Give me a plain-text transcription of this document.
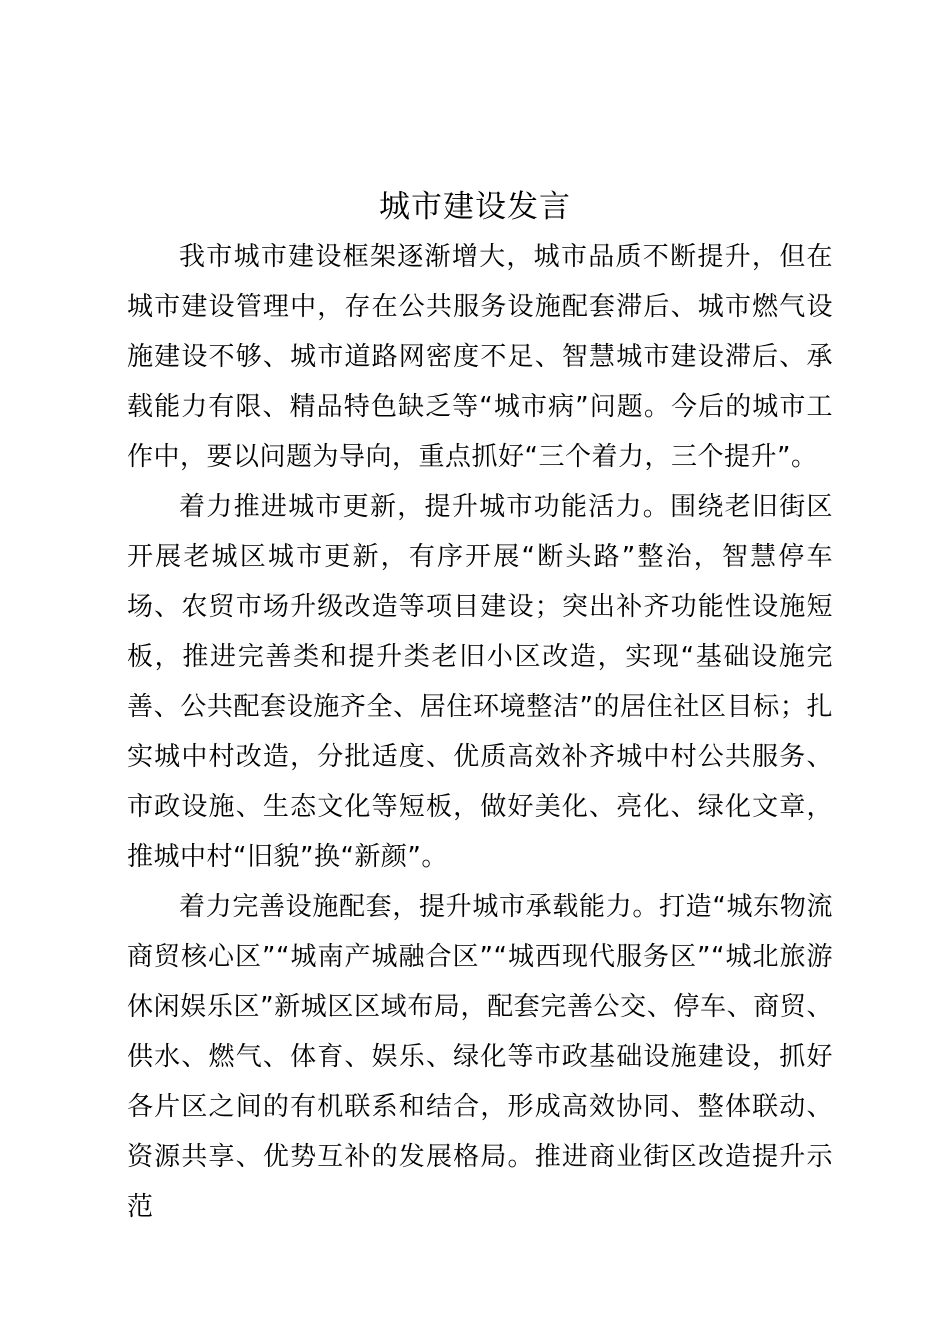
城市建设发言

我市城市建设框架逐渐增大，城市品质不断提升，但在城市建设管理中，存在公共服务设施配套滞后、城市燃气设施建设不够、城市道路网密度不足、智慧城市建设滞后、承载能力有限、精品特色缺乏等“城市病”问题。今后的城市工作中，要以问题为导向，重点抓好“三个着力，三个提升”。

着力推进城市更新，提升城市功能活力。围绕老旧街区开展老城区城市更新，有序开展“断头路”整治，智慧停车场、农贸市场升级改造等项目建设；突出补齐功能性设施短板，推进完善类和提升类老旧小区改造，实现“基础设施完善、公共配套设施齐全、居住环境整洁”的居住社区目标；扎实城中村改造，分批适度、优质高效补齐城中村公共服务、市政设施、生态文化等短板，做好美化、亮化、绿化文章，推城中村“旧貌”换“新颜”。

着力完善设施配套，提升城市承载能力。打造“城东物流商贸核心区”“城南产城融合区”“城西现代服务区”“城北旅游休闲娱乐区”新城区区域布局，配套完善公交、停车、商贸、供水、燃气、体育、娱乐、绿化等市政基础设施建设，抓好各片区之间的有机联系和结合，形成高效协同、整体联动、资源共享、优势互补的发展格局。推进商业街区改造提升示范
